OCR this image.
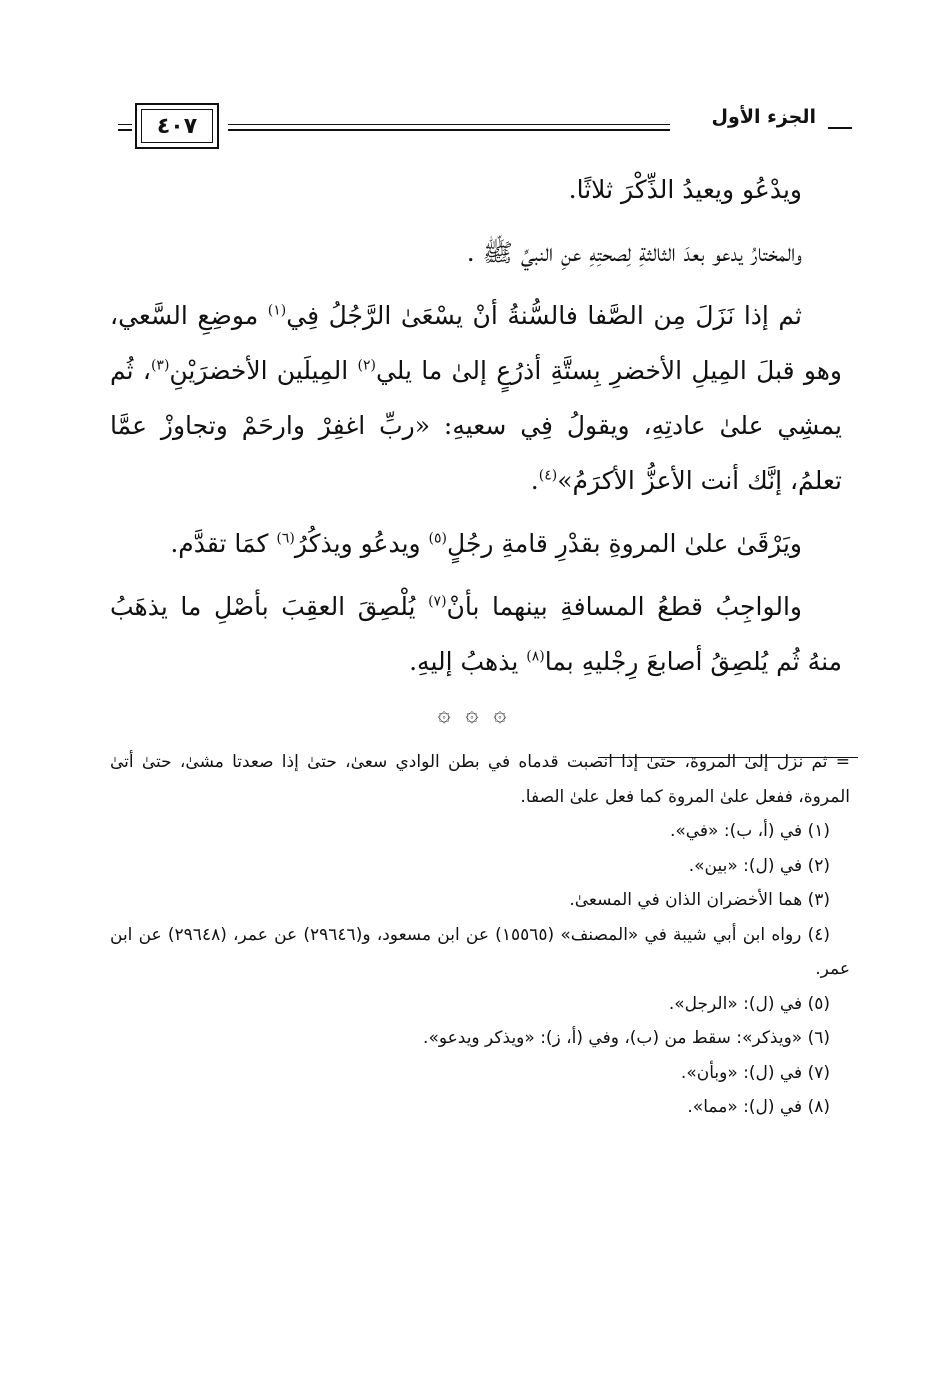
الجزء الأول
٤٠٧

ويدْعُو ويعيدُ الذِّكْرَ ثلاثًا.

والمختارُ يدعو بعدَ الثالثةِ لِصحتِهِ عنِ النبيِّ ﷺ .

ثم إذا نَزَلَ مِن الصَّفا فالسُّنةُ أنْ يسْعَىٰ الرَّجُلُ فِي$^{(١)}$ موضِعِ السَّعي، وهو قبلَ المِيلِ الأخضرِ بِستَّةِ أذرُعٍ إلىٰ ما يلي$^{(٢)}$ المِيلَين الأخضرَيْنِ$^{(٣)}$، ثُم يمشِي علىٰ عادتِهِ، ويقولُ فِي سعيهِ: «ربِّ اغفِرْ وارحَمْ وتجاوزْ عمَّا تعلمُ، إنَّك أنت الأعزُّ الأكرَمُ»$^{(٤)}$.

ويَرْقَىٰ علىٰ المروةِ بقدْرِ قامةِ رجُلٍ$^{(٥)}$ ويدعُو ويذكُرُ$^{(٦)}$ كمَا تقدَّم.

والواجِبُ قطعُ المسافةِ بينهما بأنْ$^{(٧)}$ يُلْصِقَ العقِبَ بأصْلِ ما يذهَبُ منهُ ثُم يُلصِقُ أصابعَ رِجْليهِ بما$^{(٨)}$ يذهبُ إليهِ.

۞ ۞ ۞

= ثم نزل إلىٰ المروة، حتىٰ إذا انصبت قدماه في بطن الوادي سعىٰ، حتىٰ إذا صعدتا مشىٰ، حتىٰ أتىٰ المروة، ففعل علىٰ المروة كما فعل علىٰ الصفا.

(١) في (أ، ب): «في».

(٢) في (ل): «بين».

(٣) هما الأخضران الذان في المسعىٰ.

(٤) رواه ابن أبي شيبة في «المصنف» (١٥٥٦٥) عن ابن مسعود، و(٢٩٦٤٦) عن عمر، (٢٩٦٤٨) عن ابن عمر.

(٥) في (ل): «الرجل».

(٦) «ويذكر»: سقط من (ب)، وفي (أ، ز): «ويذكر ويدعو».

(٧) في (ل): «وبأن».

(٨) في (ل): «مما».
